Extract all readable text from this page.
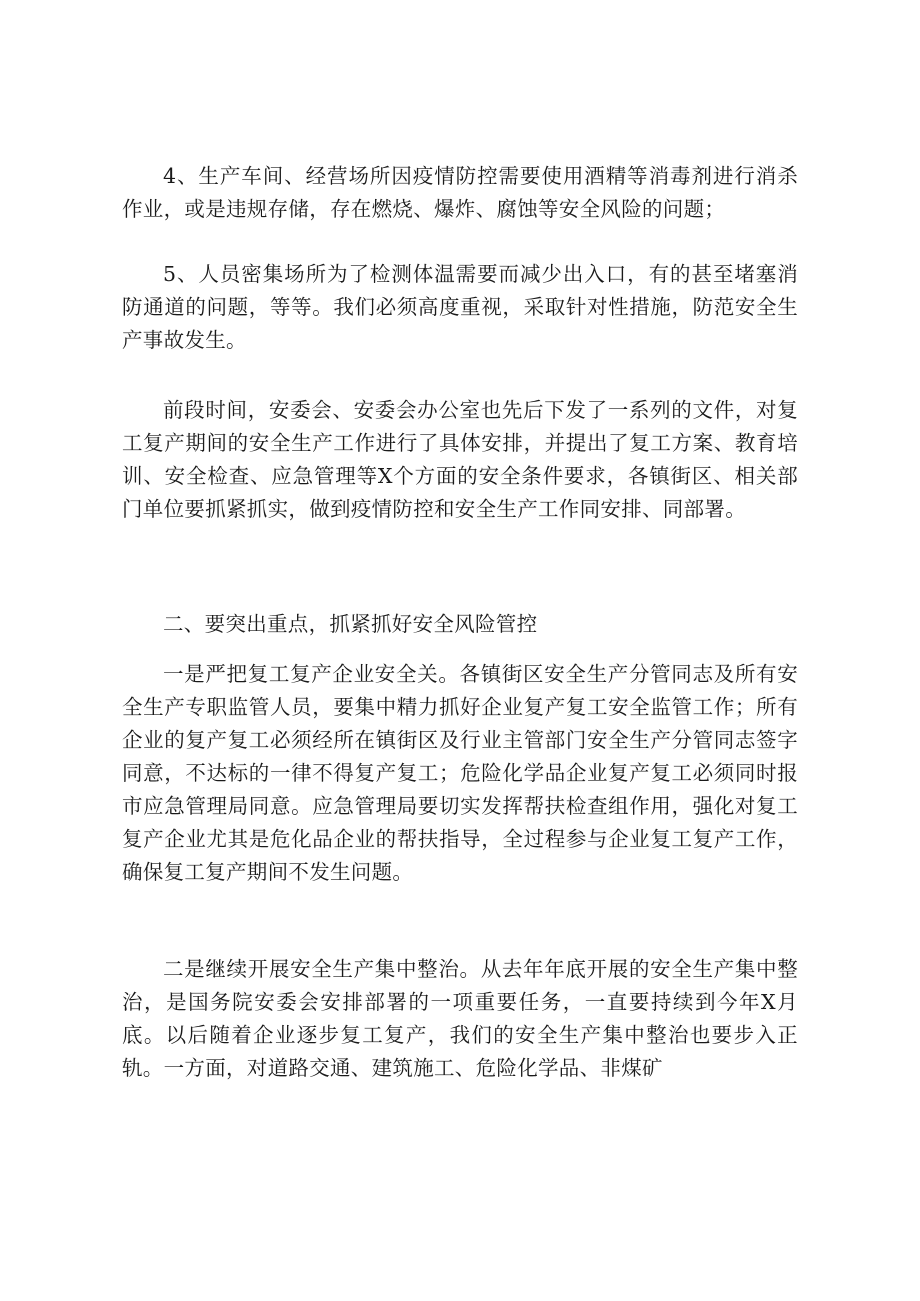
4、生产车间、经营场所因疫情防控需要使用酒精等消毒剂进行消杀作业，或是违规存储，存在燃烧、爆炸、腐蚀等安全风险的问题；

5、人员密集场所为了检测体温需要而减少出入口，有的甚至堵塞消防通道的问题，等等。我们必须高度重视，采取针对性措施，防范安全生产事故发生。

前段时间，安委会、安委会办公室也先后下发了一系列的文件，对复工复产期间的安全生产工作进行了具体安排，并提出了复工方案、教育培训、安全检查、应急管理等X个方面的安全条件要求，各镇街区、相关部门单位要抓紧抓实，做到疫情防控和安全生产工作同安排、同部署。

二、要突出重点，抓紧抓好安全风险管控

一是严把复工复产企业安全关。各镇街区安全生产分管同志及所有安全生产专职监管人员，要集中精力抓好企业复产复工安全监管工作；所有企业的复产复工必须经所在镇街区及行业主管部门安全生产分管同志签字同意，不达标的一律不得复产复工；危险化学品企业复产复工必须同时报市应急管理局同意。应急管理局要切实发挥帮扶检查组作用，强化对复工复产企业尤其是危化品企业的帮扶指导，全过程参与企业复工复产工作，确保复工复产期间不发生问题。

二是继续开展安全生产集中整治。从去年年底开展的安全生产集中整治，是国务院安委会安排部署的一项重要任务，一直要持续到今年X月底。以后随着企业逐步复工复产，我们的安全生产集中整治也要步入正轨。一方面，对道路交通、建筑施工、危险化学品、非煤矿
